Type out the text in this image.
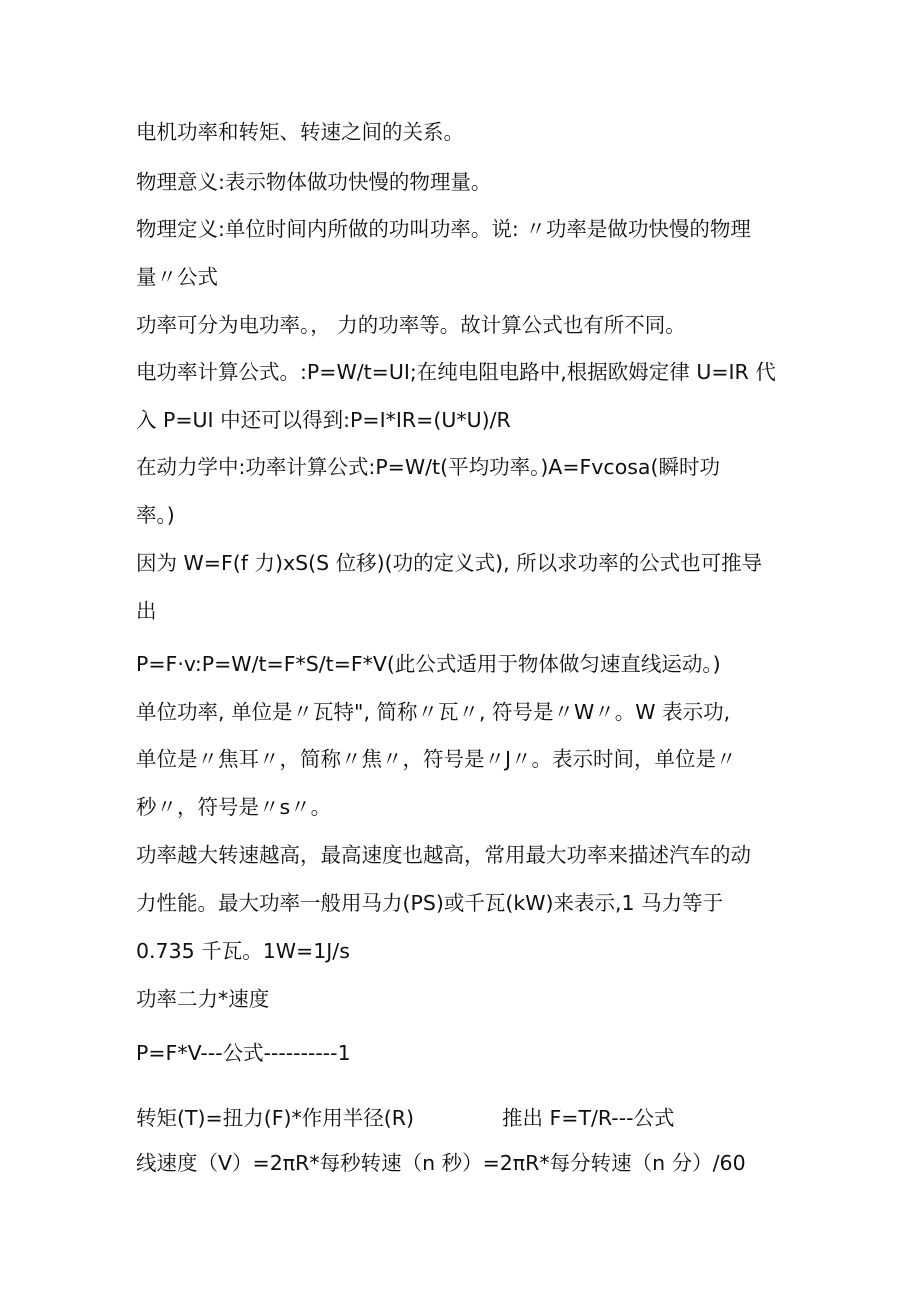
电机功率和转矩、转速之间的关系。
物理意义:表示物体做功快慢的物理量。
物理定义:单位时间内所做的功叫功率。说: 〃功率是做功快慢的物理
量〃公式
功率可分为电功率。， 力的功率等。故计算公式也有所不同。
电功率计算公式。:P=W/t=UI;在纯电阻电路中,根据欧姆定律 U=IR 代
入 P=UI 中还可以得到:P=I*IR=(U*U)/R
在动力学中:功率计算公式:P=W/t(平均功率。)A=Fvcosa(瞬时功
率。)
因为 W=F(f 力)xS(S 位移)(功的定义式), 所以求功率的公式也可推导
出
P=F·v:P=W/t=F*S/t=F*V(此公式适用于物体做匀速直线运动。)
单位功率, 单位是〃瓦特", 简称〃瓦〃, 符号是〃W〃。W 表示功,
单位是〃焦耳〃，简称〃焦〃，符号是〃J〃。表示时间，单位是〃
秒〃，符号是〃s〃。
功率越大转速越高，最高速度也越高，常用最大功率来描述汽车的动
力性能。最大功率一般用马力(PS)或千瓦(kW)来表示,1 马力等于
0.735 千瓦。1W=1J/s
功率二力*速度
P=F*V---公式----------1
转矩(T)=扭力(F)*作用半径(R)	推出 F=T/R---公式
线速度（V）=2πR*每秒转速（n 秒）=2πR*每分转速（n 分）/60
